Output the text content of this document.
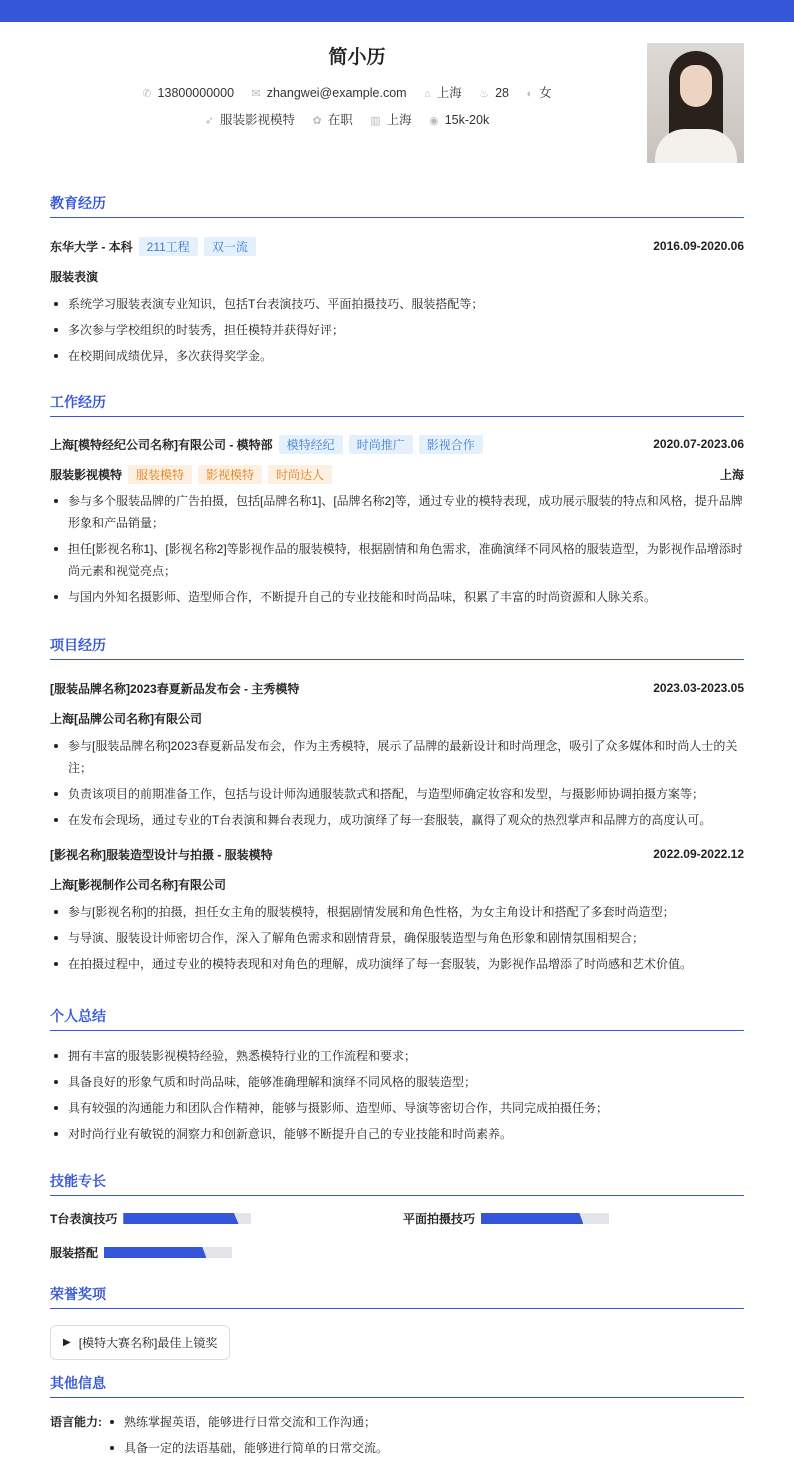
简小历
✆ 13800000000 ✉ zhangwei@example.com ⌂ 上海 ♨ 28 ◐ 女
➶ 服装影视模特 ✿ 在职 ▥ 上海 ◉ 15k-20k
教育经历
东华大学 - 本科 211工程 双一流	2016.09-2020.06
服装表演
系统学习服装表演专业知识，包括T台表演技巧、平面拍摄技巧、服装搭配等；
多次参与学校组织的时装秀，担任模特并获得好评；
在校期间成绩优异，多次获得奖学金。
工作经历
上海[模特经纪公司名称]有限公司 - 模特部 模特经纪 时尚推广 影视合作	2020.07-2023.06
服装影视模特 服装模特 影视模特 时尚达人	上海
参与多个服装品牌的广告拍摄，包括[品牌名称1]、[品牌名称2]等，通过专业的模特表现，成功展示服装的特点和风格，提升品牌形象和产品销量；
担任[影视名称1]、[影视名称2]等影视作品的服装模特，根据剧情和角色需求，准确演绎不同风格的服装造型，为影视作品增添时尚元素和视觉亮点；
与国内外知名摄影师、造型师合作，不断提升自己的专业技能和时尚品味，积累了丰富的时尚资源和人脉关系。
项目经历
[服装品牌名称]2023春夏新品发布会 - 主秀模特	2023.03-2023.05
上海[品牌公司名称]有限公司
参与[服装品牌名称]2023春夏新品发布会，作为主秀模特，展示了品牌的最新设计和时尚理念，吸引了众多媒体和时尚人士的关注；
负责该项目的前期准备工作，包括与设计师沟通服装款式和搭配，与造型师确定妆容和发型，与摄影师协调拍摄方案等；
在发布会现场，通过专业的T台表演和舞台表现力，成功演绎了每一套服装，赢得了观众的热烈掌声和品牌方的高度认可。
[影视名称]服装造型设计与拍摄 - 服装模特	2022.09-2022.12
上海[影视制作公司名称]有限公司
参与[影视名称]的拍摄，担任女主角的服装模特，根据剧情发展和角色性格，为女主角设计和搭配了多套时尚造型；
与导演、服装设计师密切合作，深入了解角色需求和剧情背景，确保服装造型与角色形象和剧情氛围相契合；
在拍摄过程中，通过专业的模特表现和对角色的理解，成功演绎了每一套服装，为影视作品增添了时尚感和艺术价值。
个人总结
拥有丰富的服装影视模特经验，熟悉模特行业的工作流程和要求；
具备良好的形象气质和时尚品味，能够准确理解和演绎不同风格的服装造型；
具有较强的沟通能力和团队合作精神，能够与摄影师、造型师、导演等密切合作，共同完成拍摄任务；
对时尚行业有敏锐的洞察力和创新意识，能够不断提升自己的专业技能和时尚素养。
技能专长
T台表演技巧	平面拍摄技巧
服装搭配
荣誉奖项
▶ [模特大赛名称]最佳上镜奖
其他信息
语言能力:	熟练掌握英语，能够进行日常交流和工作沟通；
具备一定的法语基础，能够进行简单的日常交流。
